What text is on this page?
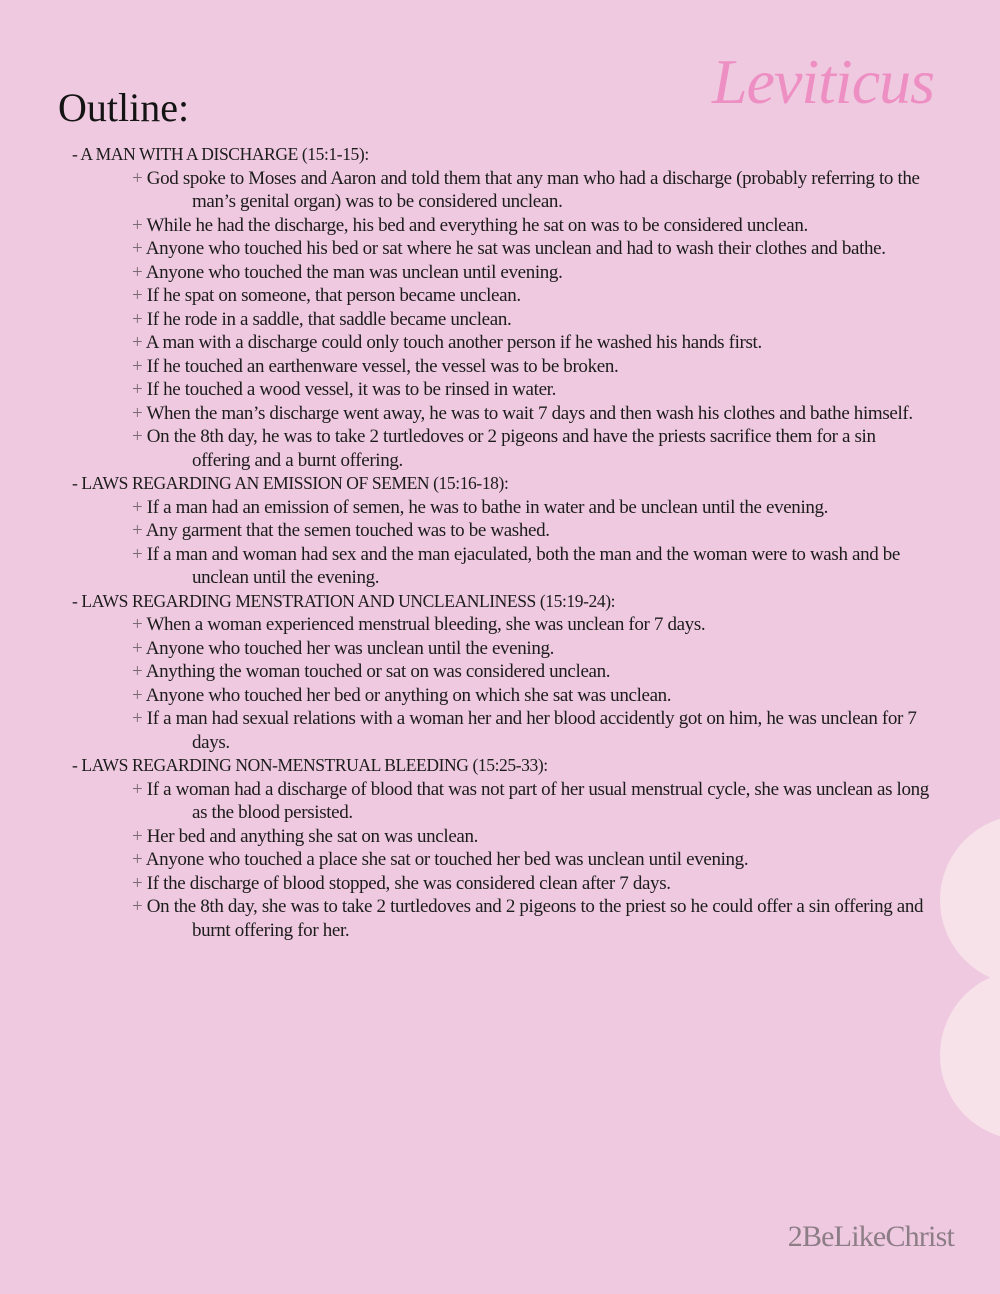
Leviticus
Outline:
- A MAN WITH A DISCHARGE (15:1-15):
+ God spoke to Moses and Aaron and told them that any man who had a discharge (probably referring to the man’s genital organ) was to be considered unclean.
+ While he had the discharge, his bed and everything he sat on was to be considered unclean.
+ Anyone who touched his bed or sat where he sat was unclean and had to wash their clothes and bathe.
+ Anyone who touched the man was unclean until evening.
+ If he spat on someone, that person became unclean.
+ If he rode in a saddle, that saddle became unclean.
+ A man with a discharge could only touch another person if he washed his hands first.
+ If he touched an earthenware vessel, the vessel was to be broken.
+ If he touched a wood vessel, it was to be rinsed in water.
+ When the man’s discharge went away, he was to wait 7 days and then wash his clothes and bathe himself.
+ On the 8th day, he was to take 2 turtledoves or 2 pigeons and have the priests sacrifice them for a sin offering and a burnt offering.
- LAWS REGARDING AN EMISSION OF SEMEN (15:16-18):
+ If a man had an emission of semen, he was to bathe in water and be unclean until the evening.
+ Any garment that the semen touched was to be washed.
+ If a man and woman had sex and the man ejaculated, both the man and the woman were to wash and be unclean until the evening.
- LAWS REGARDING MENSTRATION AND UNCLEANLINESS (15:19-24):
+ When a woman experienced menstrual bleeding, she was unclean for 7 days.
+ Anyone who touched her was unclean until the evening.
+ Anything the woman touched or sat on was considered unclean.
+ Anyone who touched her bed or anything on which she sat was unclean.
+ If a man had sexual relations with a woman her and her blood accidently got on him, he was unclean for 7 days.
- LAWS REGARDING NON-MENSTRUAL BLEEDING (15:25-33):
+ If a woman had a discharge of blood that was not part of her usual menstrual cycle, she was unclean as long as the blood persisted.
+ Her bed and anything she sat on was unclean.
+ Anyone who touched a place she sat or touched her bed was unclean until evening.
+ If the discharge of blood stopped, she was considered clean after 7 days.
+ On the 8th day, she was to take 2 turtledoves and 2 pigeons to the priest so he could offer a sin offering and burnt offering for her.
2BeLikeChrist
